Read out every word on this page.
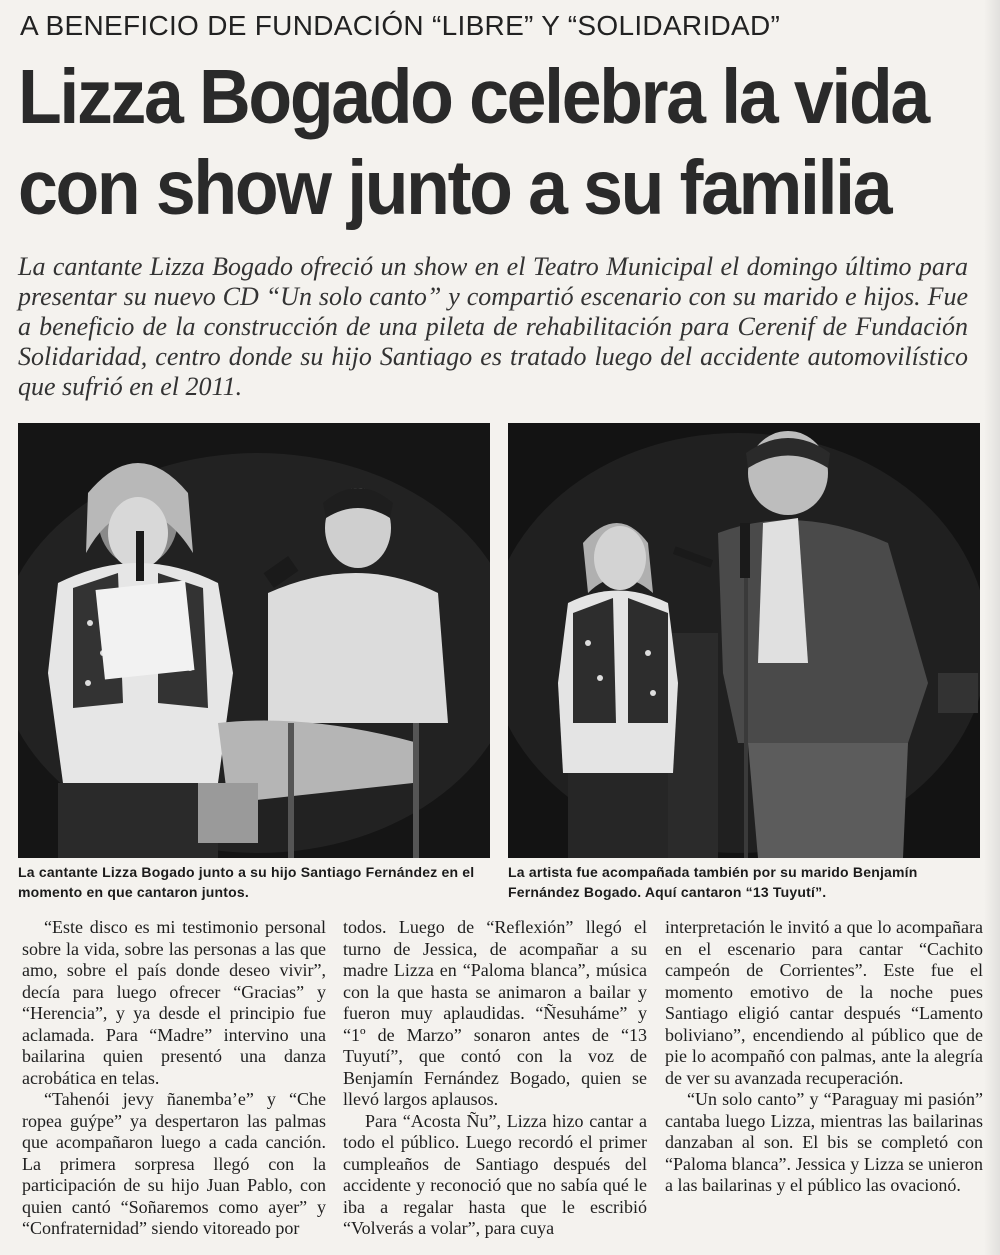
A BENEFICIO DE FUNDACIÓN “LIBRE” Y “SOLIDARIDAD”
Lizza Bogado celebra la vida
con show junto a su familia
La cantante Lizza Bogado ofreció un show en el Teatro Municipal el domingo último para presentar su nuevo CD “Un solo canto” y compartió escenario con su marido e hijos. Fue a beneficio de la construcción de una pileta de rehabilitación para Cerenif de Fundación Solidaridad, centro donde su hijo Santiago es tratado luego del accidente automovilístico que sufrió en el 2011.
La cantante Lizza Bogado junto a su hijo Santiago Fernández en el momento en que cantaron juntos.
La artista fue acompañada también por su marido Benjamín Fernández Bogado. Aquí cantaron “13 Tuyutí”.

“Este disco es mi testimonio personal sobre la vida, sobre las personas a las que amo, sobre el país donde deseo vivir”, decía para luego ofrecer “Gracias” y “Herencia”, y ya desde el principio fue aclamada. Para “Madre” intervino una bailarina quien presentó una danza acrobática en telas.

“Tahenói jevy ñanemba’e” y “Che ropea guýpe” ya despertaron las palmas que acompañaron luego a cada canción. La primera sorpresa llegó con la participación de su hijo Juan Pablo, con quien cantó “Soñaremos como ayer” y “Confraternidad” siendo vitoreado por

todos. Luego de “Reflexión” llegó el turno de Jessica, de acompañar a su madre Lizza en “Paloma blanca”, música con la que hasta se animaron a bailar y fueron muy aplaudidas. “Ñesuháme” y “1º de Marzo” sonaron antes de “13 Tuyutí”, que contó con la voz de Benjamín Fernández Bogado, quien se llevó largos aplausos.

Para “Acosta Ñu”, Lizza hizo cantar a todo el público. Luego recordó el primer cumpleaños de Santiago después del accidente y reconoció que no sabía qué le iba a regalar hasta que le escribió “Volverás a volar”, para cuya

interpretación le invitó a que lo acompañara en el escenario para cantar “Cachito campeón de Corrientes”. Este fue el momento emotivo de la noche pues Santiago eligió cantar después “Lamento boliviano”, encendiendo al público que de pie lo acompañó con palmas, ante la alegría de ver su avanzada recuperación.

“Un solo canto” y “Paraguay mi pasión” cantaba luego Lizza, mientras las bailarinas danzaban al son. El bis se completó con “Paloma blanca”. Jessica y Lizza se unieron a las bailarinas y el público las ovacionó.
